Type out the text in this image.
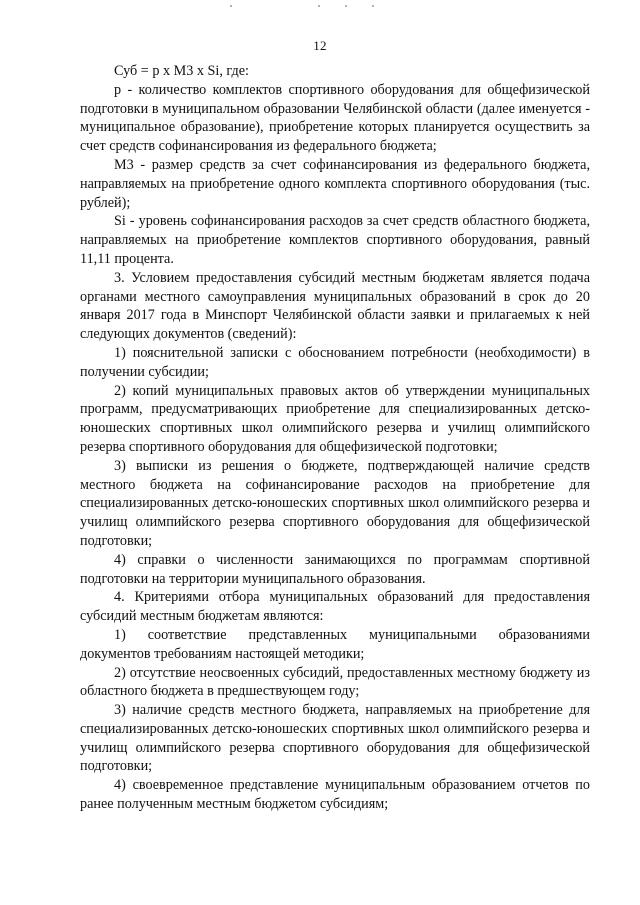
12

Суб = р х М3 х Si, где:

р - количество комплектов спортивного оборудования для общефизической подготовки в муниципальном образовании Челябинской области (далее именуется - муниципальное образование), приобретение которых планируется осуществить за счет средств софинансирования из федерального бюджета;

М3 - размер средств за счет софинансирования из федерального бюджета, направляемых на приобретение одного комплекта спортивного оборудования (тыс. рублей);

Si - уровень софинансирования расходов за счет средств областного бюджета, направляемых на приобретение комплектов спортивного оборудования, равный 11,11 процента.

3. Условием предоставления субсидий местным бюджетам является подача органами местного самоуправления муниципальных образований в срок до 20 января 2017 года в Минспорт Челябинской области заявки и прилагаемых к ней следующих документов (сведений):

1) пояснительной записки с обоснованием потребности (необходимости) в получении субсидии;

2) копий муниципальных правовых актов об утверждении муниципальных программ, предусматривающих приобретение для специализированных детско-юношеских спортивных школ олимпийского резерва и училищ олимпийского резерва спортивного оборудования для общефизической подготовки;

3) выписки из решения о бюджете, подтверждающей наличие средств местного бюджета на софинансирование расходов на приобретение для специализированных детско-юношеских спортивных школ олимпийского резерва и училищ олимпийского резерва спортивного оборудования для общефизической подготовки;

4) справки о численности занимающихся по программам спортивной подготовки на территории муниципального образования.

4. Критериями отбора муниципальных образований для предоставления субсидий местным бюджетам являются:

1) соответствие представленных муниципальными образованиями документов требованиям настоящей методики;

2) отсутствие неосвоенных субсидий, предоставленных местному бюджету из областного бюджета в предшествующем году;

3) наличие средств местного бюджета, направляемых на приобретение для специализированных детско-юношеских спортивных школ олимпийского резерва и училищ олимпийского резерва спортивного оборудования для общефизической подготовки;

4) своевременное представление муниципальным образованием отчетов по ранее полученным местным бюджетом субсидиям;
